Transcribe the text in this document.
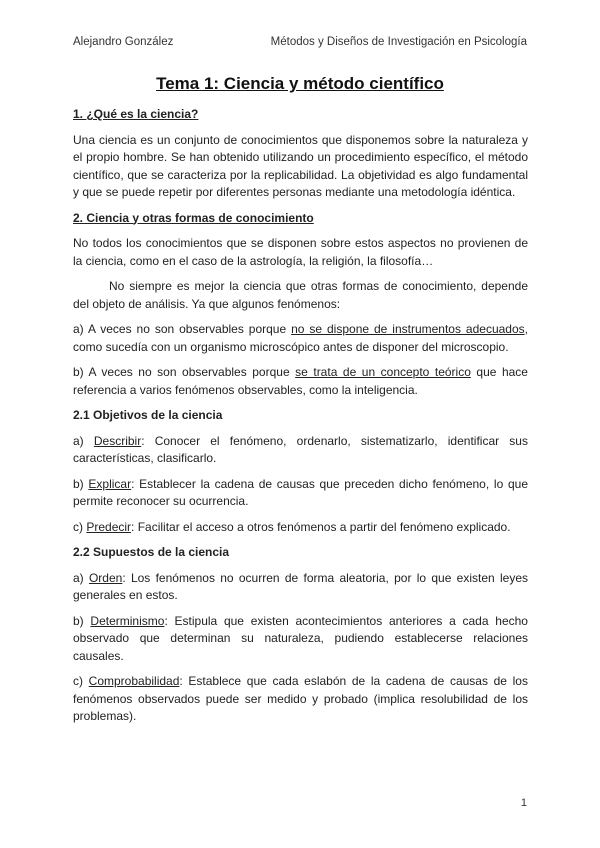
Alejandro González	Métodos y Diseños de Investigación en Psicología
Tema 1: Ciencia y método científico
1. ¿Qué es la ciencia?

Una ciencia es un conjunto de conocimientos que disponemos sobre la naturaleza y el propio hombre. Se han obtenido utilizando un procedimiento específico, el método científico, que se caracteriza por la replicabilidad. La objetividad es algo fundamental y que se puede repetir por diferentes personas mediante una metodología idéntica.

2. Ciencia y otras formas de conocimiento

No todos los conocimientos que se disponen sobre estos aspectos no provienen de la ciencia, como en el caso de la astrología, la religión, la filosofía…

No siempre es mejor la ciencia que otras formas de conocimiento, depende del objeto de análisis. Ya que algunos fenómenos:

a) A veces no son observables porque no se dispone de instrumentos adecuados, como sucedía con un organismo microscópico antes de disponer del microscopio.

b) A veces no son observables porque se trata de un concepto teórico que hace referencia a varios fenómenos observables, como la inteligencia.

2.1 Objetivos de la ciencia

a) Describir: Conocer el fenómeno, ordenarlo, sistematizarlo, identificar sus características, clasificarlo.

b) Explicar: Establecer la cadena de causas que preceden dicho fenómeno, lo que permite reconocer su ocurrencia.

c) Predecir: Facilitar el acceso a otros fenómenos a partir del fenómeno explicado.

2.2 Supuestos de la ciencia

a) Orden: Los fenómenos no ocurren de forma aleatoria, por lo que existen leyes generales en estos.

b) Determinismo: Estipula que existen acontecimientos anteriores a cada hecho observado que determinan su naturaleza, pudiendo establecerse relaciones causales.

c) Comprobabilidad: Establece que cada eslabón de la cadena de causas de los fenómenos observados puede ser medido y probado (implica resolubilidad de los problemas).

1
